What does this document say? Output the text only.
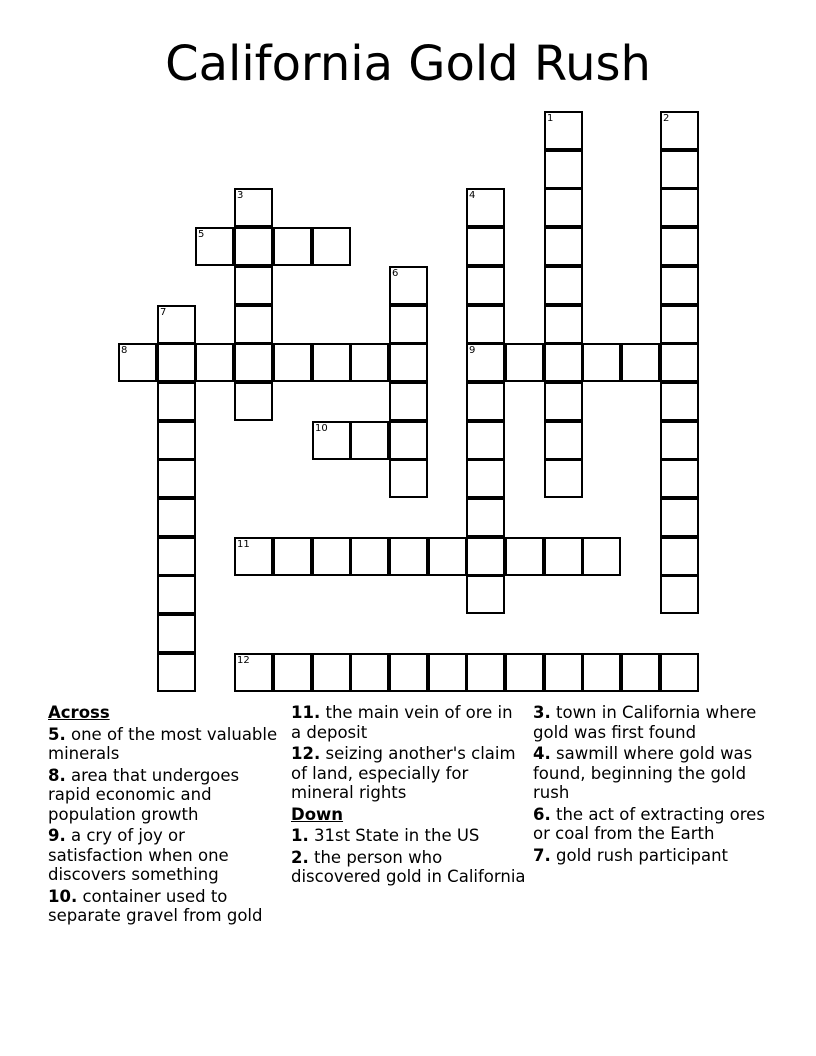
California Gold Rush
1	2
3	4
9
5
6
7
8
10
11
12
Across
5. one of the most valuable minerals
8. area that undergoes rapid economic and population growth
9. a cry of joy or satisfaction when one discovers something
10. container used to separate gravel from gold
11. the main vein of ore in a deposit
12. seizing another's claim of land, especially for mineral rights
Down
1. 31st State in the US
2. the person who discovered gold in California
3. town in California where gold was first found
4. sawmill where gold was found, beginning the gold rush
6. the act of extracting ores or coal from the Earth
7. gold rush participant
